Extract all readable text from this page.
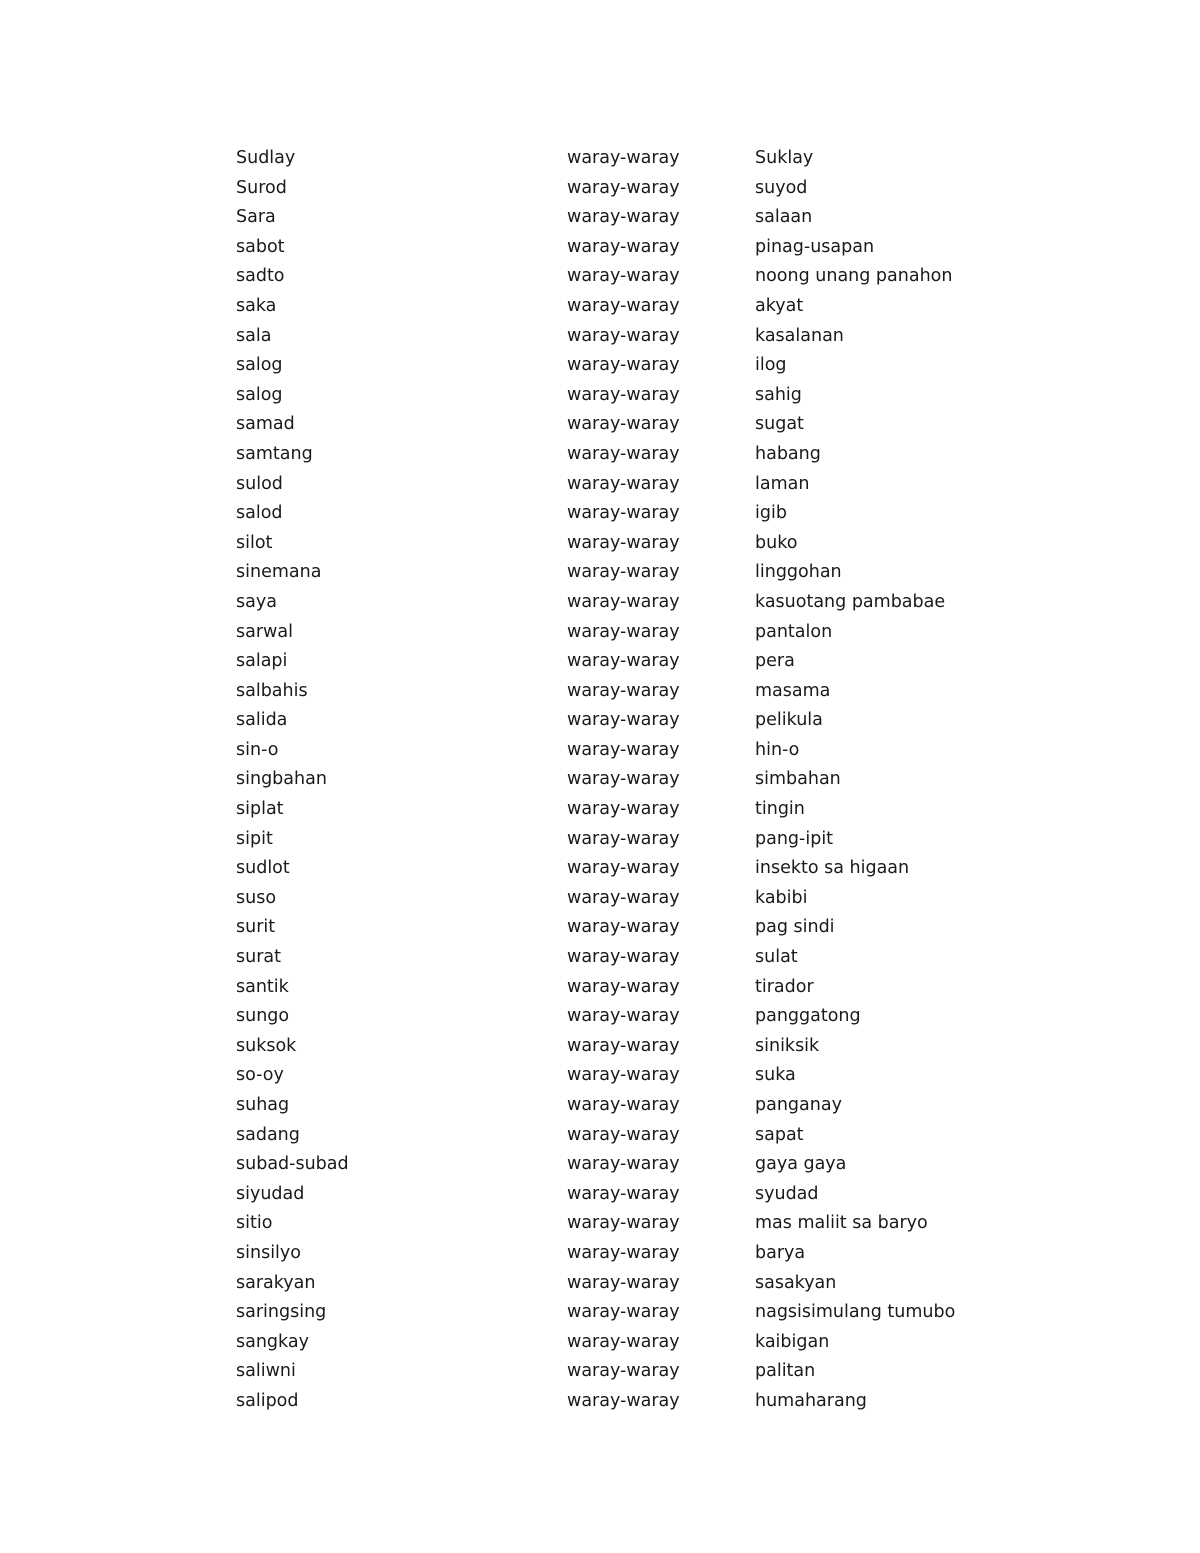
Sudlay	waray-waray	Suklay
Surod	waray-waray	suyod
Sara	waray-waray	salaan
sabot	waray-waray	pinag-usapan
sadto	waray-waray	noong unang panahon
saka	waray-waray	akyat
sala	waray-waray	kasalanan
salog	waray-waray	ilog
salog	waray-waray	sahig
samad	waray-waray	sugat
samtang	waray-waray	habang
sulod	waray-waray	laman
salod	waray-waray	igib
silot	waray-waray	buko
sinemana	waray-waray	linggohan
saya	waray-waray	kasuotang pambabae
sarwal	waray-waray	pantalon
salapi	waray-waray	pera
salbahis	waray-waray	masama
salida	waray-waray	pelikula
sin-o	waray-waray	hin-o
singbahan	waray-waray	simbahan
siplat	waray-waray	tingin
sipit	waray-waray	pang-ipit
sudlot	waray-waray	insekto sa higaan
suso	waray-waray	kabibi
surit	waray-waray	pag sindi
surat	waray-waray	sulat
santik	waray-waray	tirador
sungo	waray-waray	panggatong
suksok	waray-waray	siniksik
so-oy	waray-waray	suka
suhag	waray-waray	panganay
sadang	waray-waray	sapat
subad-subad	waray-waray	gaya gaya
siyudad	waray-waray	syudad
sitio	waray-waray	mas maliit sa baryo
sinsilyo	waray-waray	barya
sarakyan	waray-waray	sasakyan
saringsing	waray-waray	nagsisimulang tumubo
sangkay	waray-waray	kaibigan
saliwni	waray-waray	palitan
salipod	waray-waray	humaharang
